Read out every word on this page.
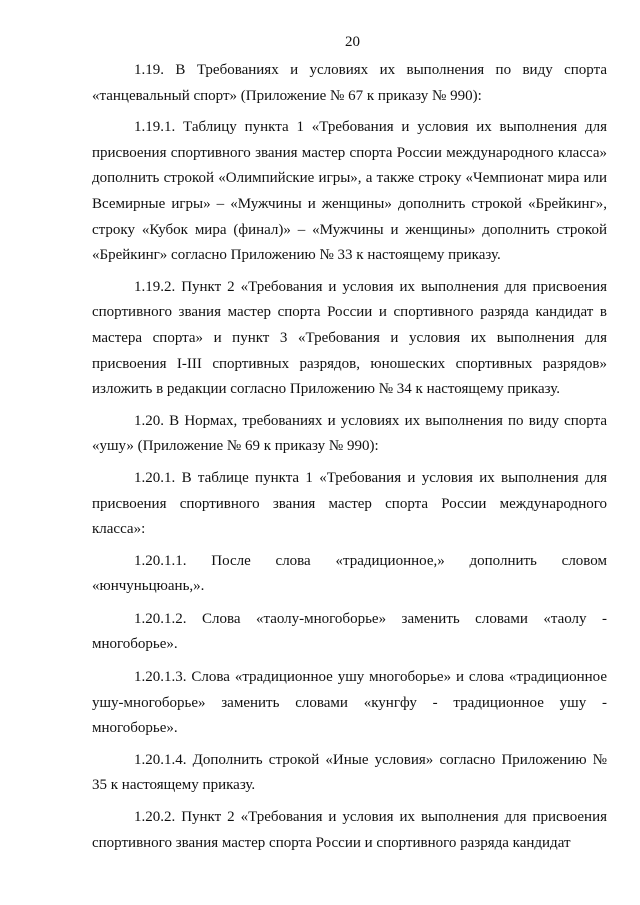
20

1.19. В Требованиях и условиях их выполнения по виду спорта «танцевальный спорт» (Приложение № 67 к приказу № 990):

1.19.1. Таблицу пункта 1 «Требования и условия их выполнения для присвоения спортивного звания мастер спорта России международного класса» дополнить строкой «Олимпийские игры», а также строку «Чемпионат мира или Всемирные игры» – «Мужчины и женщины» дополнить строкой «Брейкинг», строку «Кубок мира (финал)» – «Мужчины и женщины» дополнить строкой «Брейкинг» согласно Приложению № 33 к настоящему приказу.

1.19.2. Пункт 2 «Требования и условия их выполнения для присвоения спортивного звания мастер спорта России и спортивного разряда кандидат в мастера спорта» и пункт 3 «Требования и условия их выполнения для присвоения I-III спортивных разрядов, юношеских спортивных разрядов» изложить в редакции согласно Приложению № 34 к настоящему приказу.

1.20. В Нормах, требованиях и условиях их выполнения по виду спорта «ушу» (Приложение № 69 к приказу № 990):

1.20.1. В таблице пункта 1 «Требования и условия их выполнения для присвоения спортивного звания мастер спорта России международного класса»:

1.20.1.1. После слова «традиционное,» дополнить словом «юнчуньцюань,».

1.20.1.2. Слова «таолу-многоборье» заменить словами «таолу - многоборье».

1.20.1.3. Слова «традиционное ушу многоборье» и слова «традиционное ушу-многоборье» заменить словами «кунгфу - традиционное ушу - многоборье».

1.20.1.4. Дополнить строкой «Иные условия» согласно Приложению № 35 к настоящему приказу.

1.20.2. Пункт 2 «Требования и условия их выполнения для присвоения спортивного звания мастер спорта России и спортивного разряда кандидат
